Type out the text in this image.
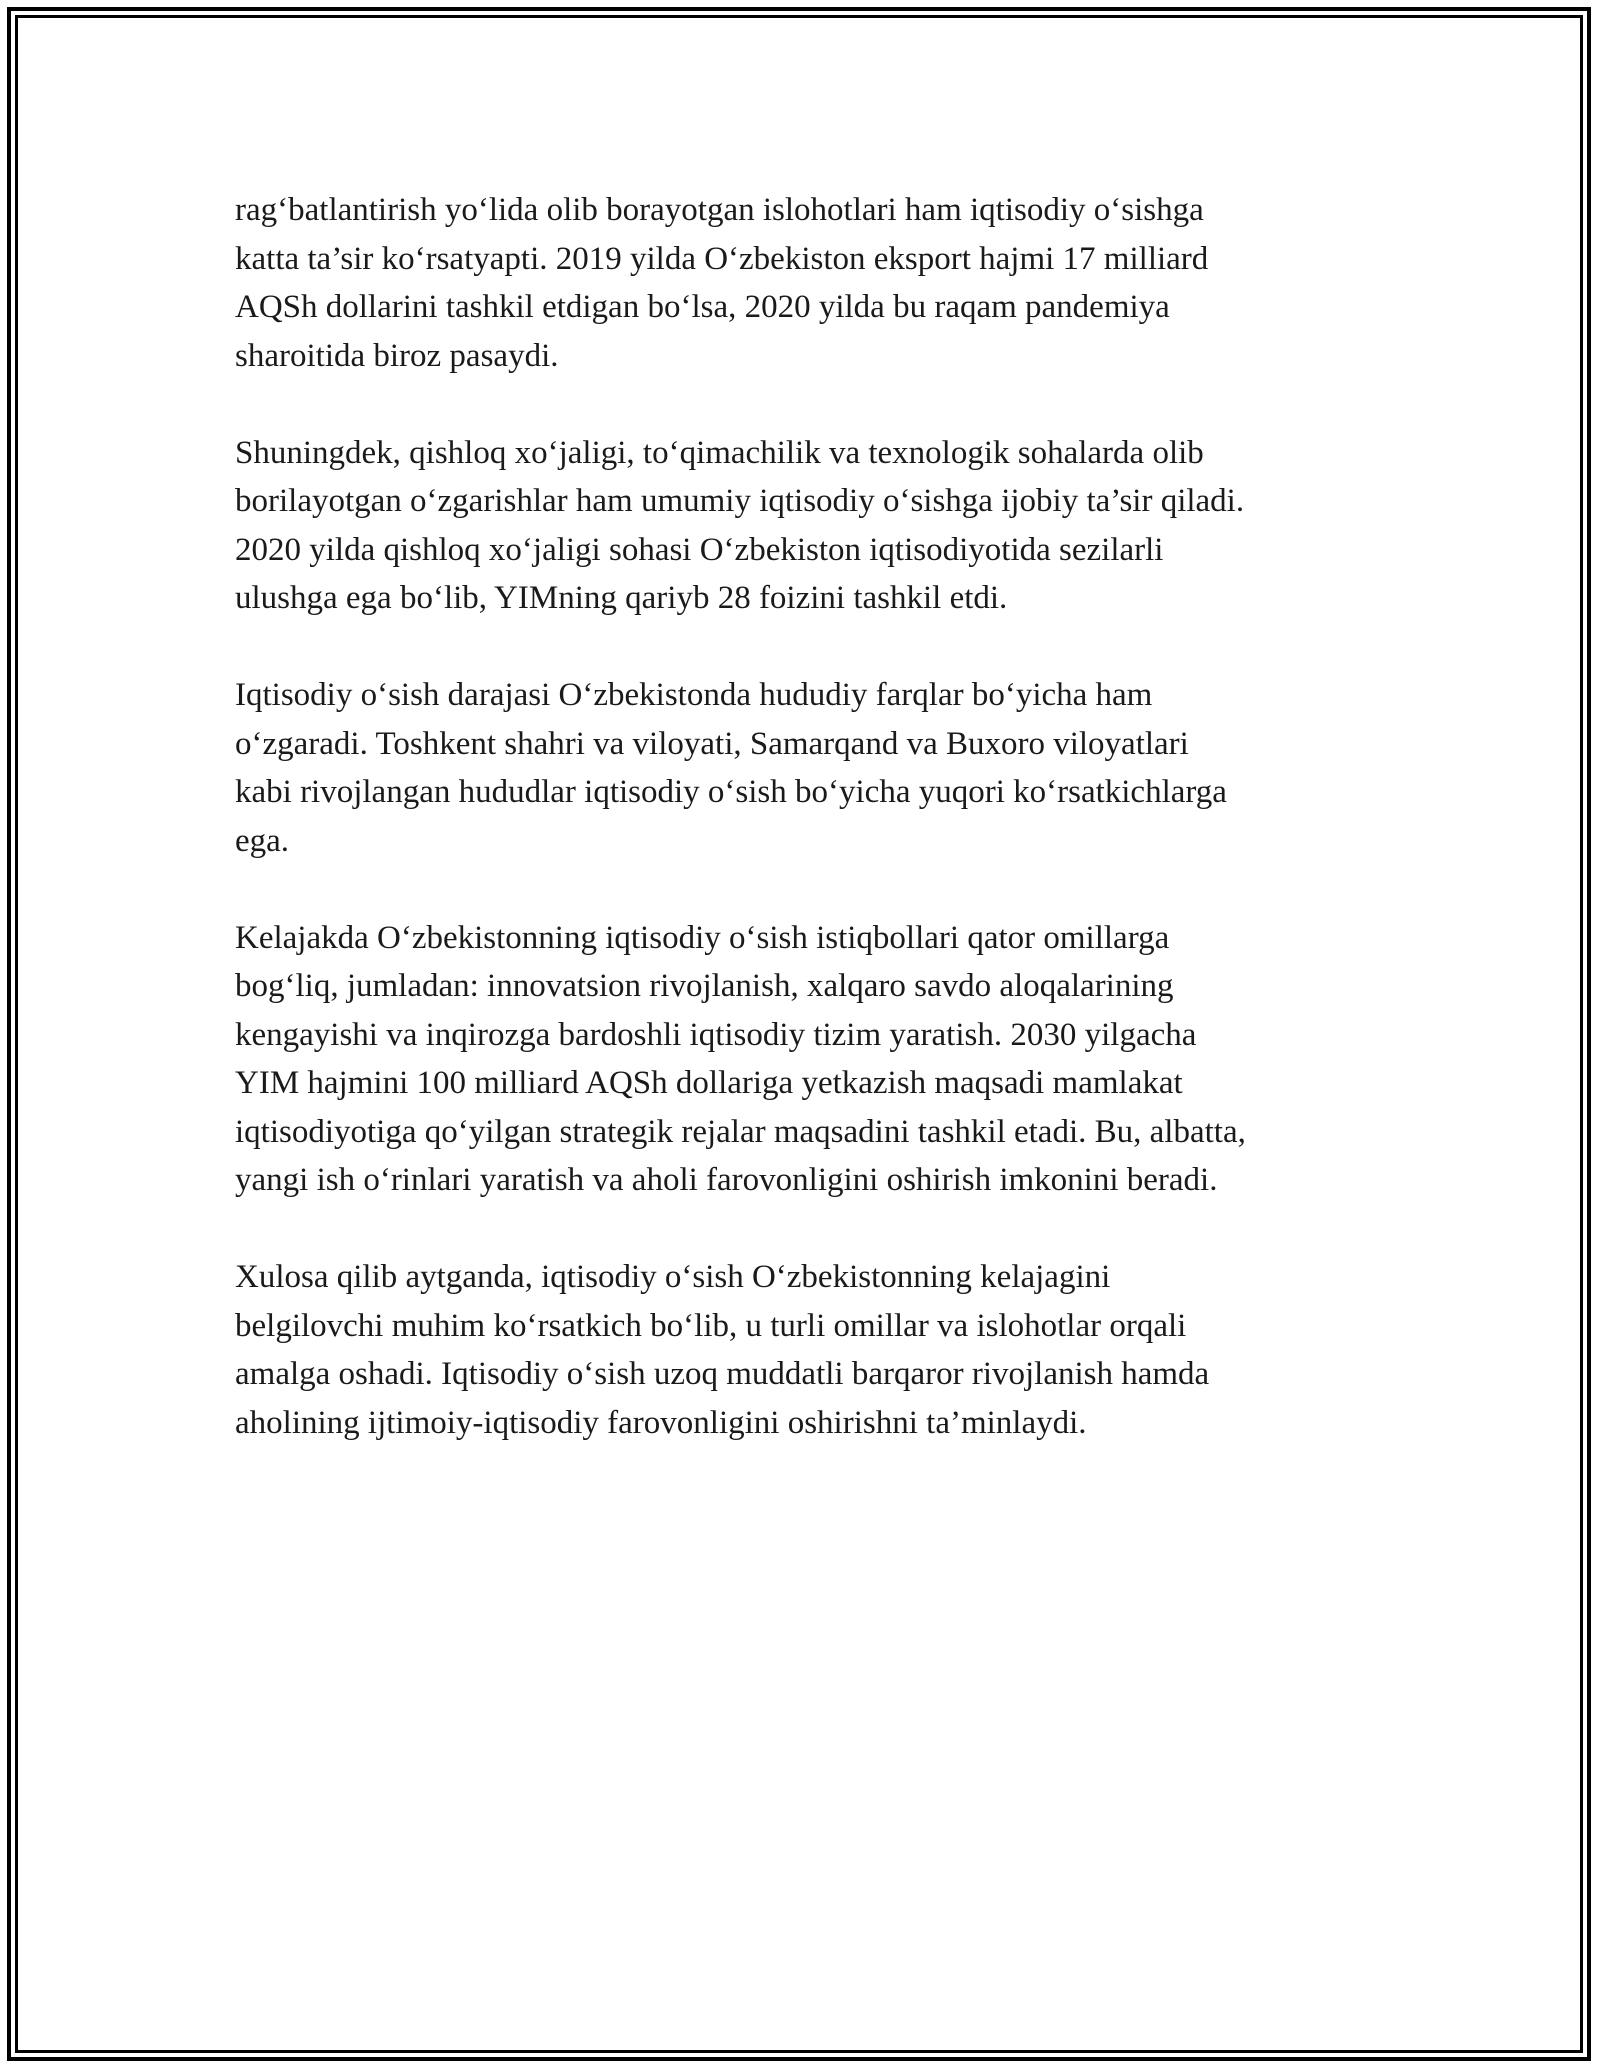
rag‘batlantirish yo‘lida olib borayotgan islohotlari ham iqtisodiy o‘sishga
katta ta’sir ko‘rsatyapti. 2019 yilda O‘zbekiston eksport hajmi 17 milliard
AQSh dollarini tashkil etdigan bo‘lsa, 2020 yilda bu raqam pandemiya
sharoitida biroz pasaydi.

Shuningdek, qishloq xo‘jaligi, to‘qimachilik va texnologik sohalarda olib
borilayotgan o‘zgarishlar ham umumiy iqtisodiy o‘sishga ijobiy ta’sir qiladi.
2020 yilda qishloq xo‘jaligi sohasi O‘zbekiston iqtisodiyotida sezilarli
ulushga ega bo‘lib, YIMning qariyb 28 foizini tashkil etdi.

Iqtisodiy o‘sish darajasi O‘zbekistonda hududiy farqlar bo‘yicha ham
o‘zgaradi. Toshkent shahri va viloyati, Samarqand va Buxoro viloyatlari
kabi rivojlangan hududlar iqtisodiy o‘sish bo‘yicha yuqori ko‘rsatkichlarga
ega.

Kelajakda O‘zbekistonning iqtisodiy o‘sish istiqbollari qator omillarga
bog‘liq, jumladan: innovatsion rivojlanish, xalqaro savdo aloqalarining
kengayishi va inqirozga bardoshli iqtisodiy tizim yaratish. 2030 yilgacha
YIM hajmini 100 milliard AQSh dollariga yetkazish maqsadi mamlakat
iqtisodiyotiga qo‘yilgan strategik rejalar maqsadini tashkil etadi. Bu, albatta,
yangi ish o‘rinlari yaratish va aholi farovonligini oshirish imkonini beradi.

Xulosa qilib aytganda, iqtisodiy o‘sish O‘zbekistonning kelajagini
belgilovchi muhim ko‘rsatkich bo‘lib, u turli omillar va islohotlar orqali
amalga oshadi. Iqtisodiy o‘sish uzoq muddatli barqaror rivojlanish hamda
aholining ijtimoiy-iqtisodiy farovonligini oshirishni ta’minlaydi.
